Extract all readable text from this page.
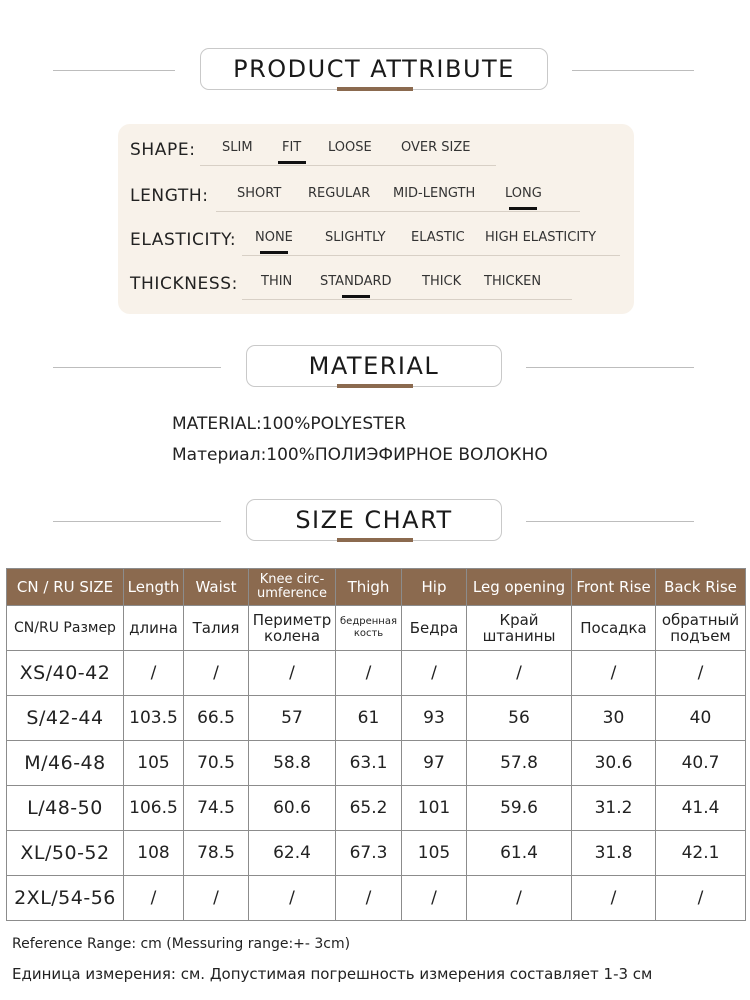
PRODUCT ATTRIBUTE
SHAPE: SLIM FIT LOOSE OVER SIZE
LENGTH: SHORT REGULAR MID-LENGTH LONG
ELASTICITY: NONE SLIGHTLY ELASTIC HIGH ELASTICITY
THICKNESS: THIN STANDARD THICK THICKEN
MATERIAL
MATERIAL:100%POLYESTER
Материал:100%ПОЛИЭФИРНОЕ ВОЛОКНО
SIZE CHART
CN / RU SIZE	Length	Waist	Knee circ-umference	Thigh	Hip	Leg opening	Front Rise	Back Rise
CN/RU Размер	длина	Талия	Периметр колена	бедренная кость	Бедра	Край штанины	Посадка	обратный подъем
XS/40-42	/	/	/	/	/	/	/	/
S/42-44	103.5	66.5	57	61	93	56	30	40
M/46-48	105	70.5	58.8	63.1	97	57.8	30.6	40.7
L/48-50	106.5	74.5	60.6	65.2	101	59.6	31.2	41.4
XL/50-52	108	78.5	62.4	67.3	105	61.4	31.8	42.1
2XL/54-56	/	/	/	/	/	/	/	/
Reference Range: cm (Messuring range:+- 3cm)
Единица измерения: см. Допустимая погрешность измерения составляет 1-3 см
